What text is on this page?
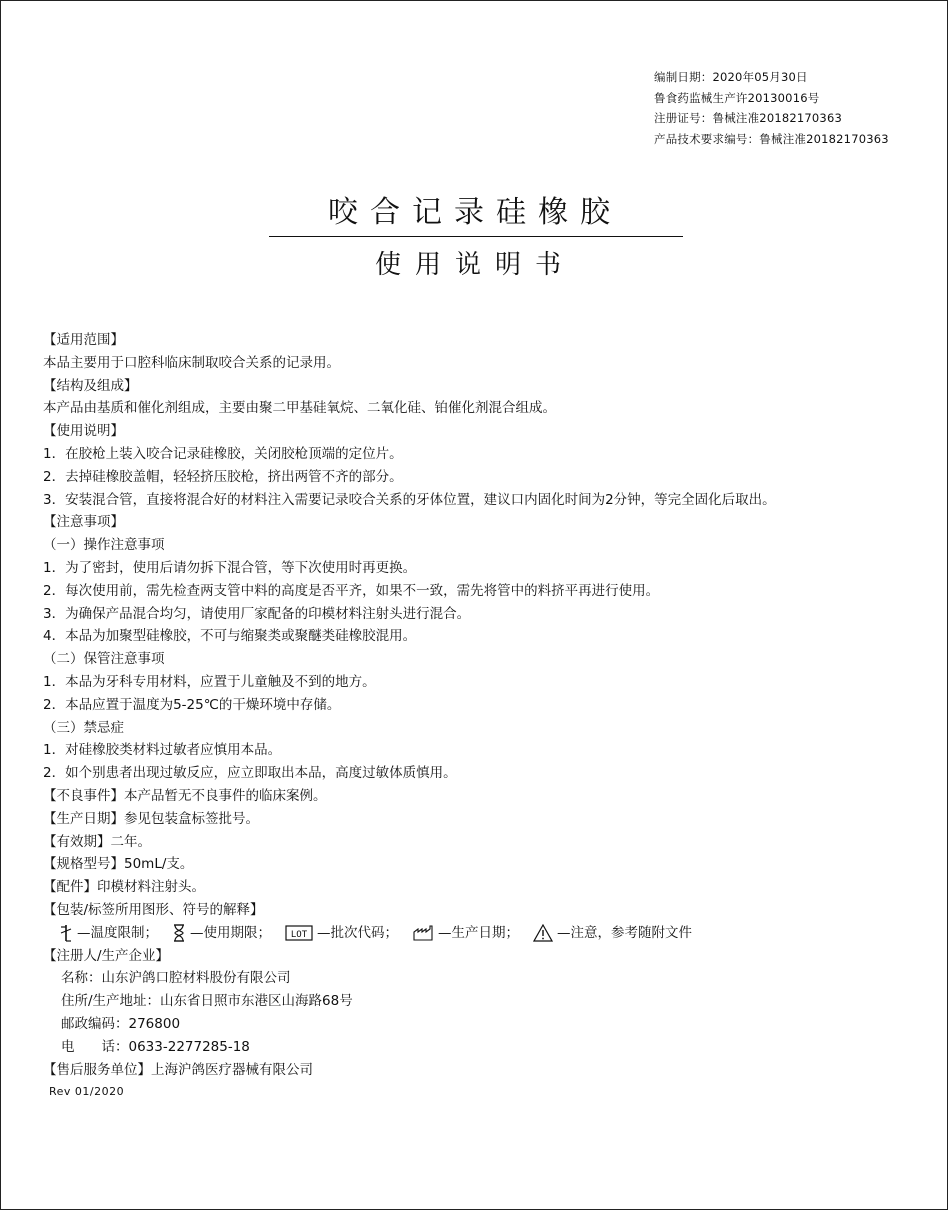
编制日期：2020年05月30日
鲁食药监械生产许20130016号
注册证号：鲁械注准20182170363
产品技术要求编号：鲁械注准20182170363
咬合记录硅橡胶
使用说明书
【适用范围】
本品主要用于口腔科临床制取咬合关系的记录用。
【结构及组成】
本产品由基质和催化剂组成，主要由聚二甲基硅氧烷、二氧化硅、铂催化剂混合组成。
【使用说明】
1．在胶枪上装入咬合记录硅橡胶，关闭胶枪顶端的定位片。
2．去掉硅橡胶盖帽，轻轻挤压胶枪，挤出两管不齐的部分。
3．安装混合管，直接将混合好的材料注入需要记录咬合关系的牙体位置，建议口内固化时间为2分钟，等完全固化后取出。
【注意事项】
（一）操作注意事项
1．为了密封，使用后请勿拆下混合管，等下次使用时再更换。
2．每次使用前，需先检查两支管中料的高度是否平齐，如果不一致，需先将管中的料挤平再进行使用。
3．为确保产品混合均匀，请使用厂家配备的印模材料注射头进行混合。
4．本品为加聚型硅橡胶，不可与缩聚类或聚醚类硅橡胶混用。
（二）保管注意事项
1．本品为牙科专用材料，应置于儿童触及不到的地方。
2．本品应置于温度为5-25℃的干燥环境中存储。
（三）禁忌症
1．对硅橡胶类材料过敏者应慎用本品。
2．如个别患者出现过敏反应，应立即取出本品，高度过敏体质慎用。
【不良事件】本产品暂无不良事件的临床案例。
【生产日期】参见包装盒标签批号。
【有效期】二年。
【规格型号】50mL/支。
【配件】印模材料注射头。
【包装/标签所用图形、符号的解释】
—温度限制； —使用期限； LOT —批次代码；	—生产日期；	—注意，参考随附文件
【注册人/生产企业】
名称：山东沪鸽口腔材料股份有限公司
住所/生产地址：山东省日照市东港区山海路68号
邮政编码：276800
电　　话：0633-2277285-18
【售后服务单位】上海沪鸽医疗器械有限公司
Rev 01/2020
